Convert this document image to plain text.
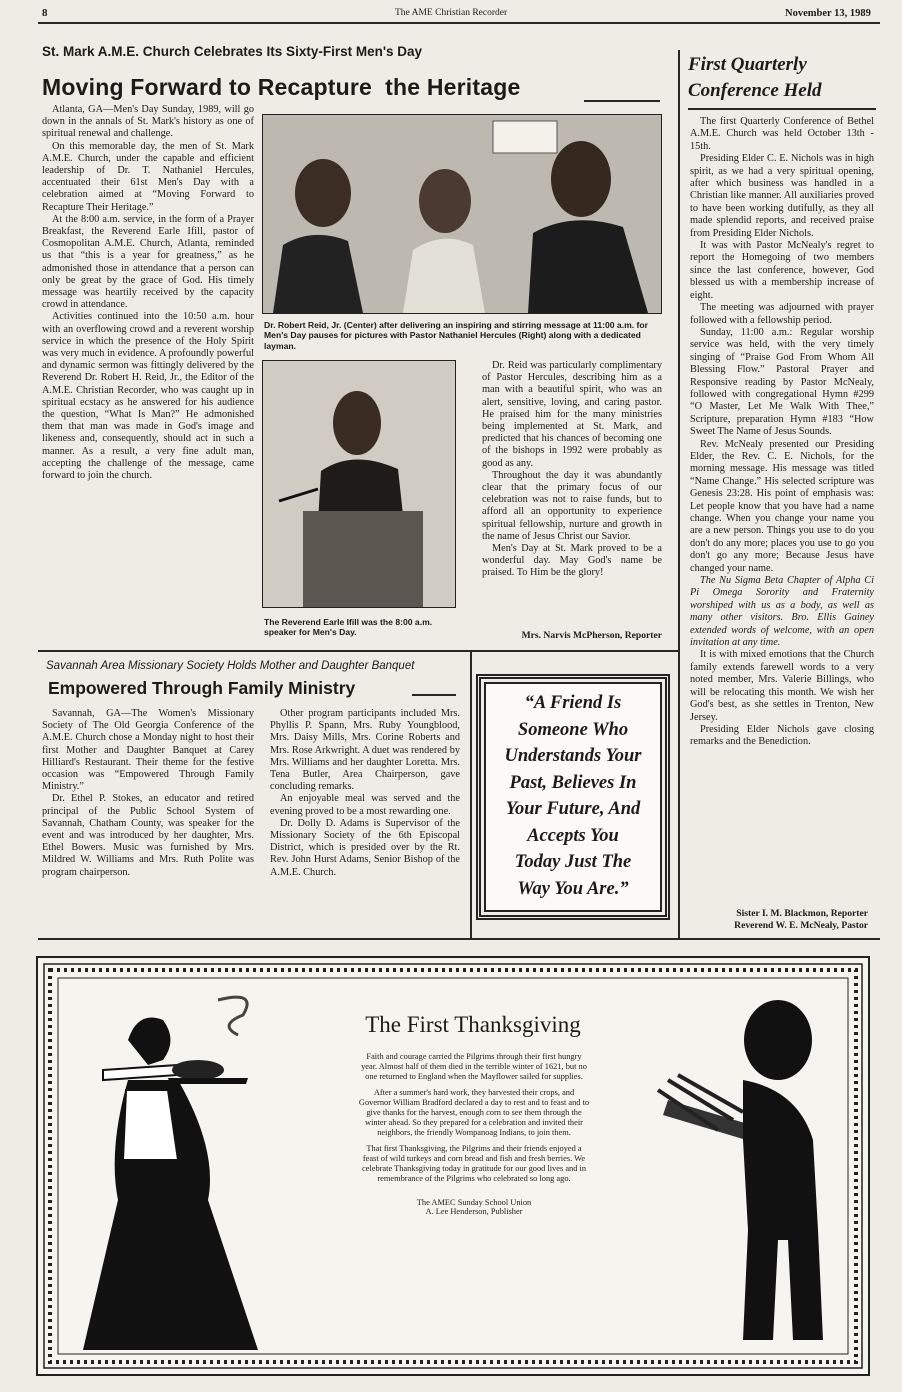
8	The AME Christian Recorder	November 13, 1989
St. Mark A.M.E. Church Celebrates Its Sixty-First Men's Day
Moving Forward to Recapture  the Heritage

Atlanta, GA—Men's Day Sunday, 1989, will go down in the annals of St. Mark's history as one of spiritual renewal and challenge.

On this memorable day, the men of St. Mark A.M.E. Church, under the capable and efficient leadership of Dr. T. Nathaniel Hercules, accentuated their 61st Men's Day with a celebration aimed at “Moving Forward to Recapture Their Heritage.”

At the 8:00 a.m. service, in the form of a Prayer Breakfast, the Reverend Earle Ifill, pastor of Cosmopolitan A.M.E. Church, Atlanta, reminded us that “this is a year for greatness,” as he admonished those in attendance that a person can only be great by the grace of God. His timely message was heartily received by the capacity crowd in attendance.

Activities continued into the 10:50 a.m. hour with an overflowing crowd and a reverent worship service in which the presence of the Holy Spirit was very much in evidence. A profoundly powerful and dynamic sermon was fittingly delivered by the Reverend Dr. Robert H. Reid, Jr., the Editor of the A.M.E. Christian Recorder, who was caught up in spiritual ecstacy as he answered for his audience the question, “What Is Man?” He admonished them that man was made in God's image and likeness and, consequently, should act in such a manner. As a result, a very fine adult man, accepting the challenge of the message, came forward to join the church.

Dr. Robert Reid, Jr. (Center) after delivering an inspiring and stirring message at 11:00 a.m. for Men's Day pauses for pictures with Pastor Nathaniel Hercules (Right) along with a dedicated layman.
The Reverend Earle Ifill was the 8:00 a.m. speaker for Men's Day.

Dr. Reid was particularly complimentary of Pastor Hercules, describing him as a man with a beautiful spirit, who was an alert, sensitive, loving, and caring pastor. He praised him for the many ministries being implemented at St. Mark, and predicted that his chances of becoming one of the bishops in 1992 were probably as good as any.

Throughout the day it was abundantly clear that the primary focus of our celebration was not to raise funds, but to afford all an opportunity to experience spiritual fellowship, nurture and growth in the name of Jesus Christ our Savior.

Men's Day at St. Mark proved to be a wonderful day. May God's name be praised. To Him be the glory!

Mrs. Narvis McPherson, Reporter
Savannah Area Missionary Society Holds Mother and Daughter Banquet
Empowered Through Family Ministry

Savannah, GA—The Women's Missionary Society of The Old Georgia Conference of the A.M.E. Church chose a Monday night to host their first Mother and Daughter Banquet at Carey Hilliard's Restaurant. Their theme for the festive occasion was “Empowered Through Family Ministry.”

Dr. Ethel P. Stokes, an educator and retired principal of the Public School System of Savannah, Chatham County, was speaker for the event and was introduced by her daughter, Mrs. Ethel Bowers. Music was furnished by Mrs. Mildred W. Williams and Mrs. Ruth Polite was program chairperson.

Other program participants included Mrs. Phyllis P. Spann, Mrs. Ruby Youngblood, Mrs. Daisy Mills, Mrs. Corine Roberts and Mrs. Rose Arkwright. A duet was rendered by Mrs. Williams and her daughter Loretta. Mrs. Tena Butler, Area Chairperson, gave concluding remarks.

An enjoyable meal was served and the evening proved to be a most rewarding one.

Dr. Dolly D. Adams is Supervisor of the Missionary Society of the 6th Episcopal District, which is presided over by the Rt. Rev. John Hurst Adams, Senior Bishop of the A.M.E. Church.

“A Friend Is
Someone Who
Understands Your
Past, Believes In
Your Future, And
Accepts You
Today Just The
Way You Are.”
First Quarterly
Conference Held

The first Quarterly Conference of Bethel A.M.E. Church was held October 13th - 15th.

Presiding Elder C. E. Nichols was in high spirit, as we had a very spiritual opening, after which business was handled in a Christian like manner. All auxiliaries proved to have been working dutifully, as they all made splendid reports, and received praise from Presiding Elder Nichols.

It was with Pastor McNealy's regret to report the Homegoing of two members since the last conference, however, God blessed us with a membership increase of eight.

The meeting was adjourned with prayer followed with a fellowship period.

Sunday, 11:00 a.m.: Regular worship service was held, with the very timely singing of “Praise God From Whom All Blessing Flow.” Pastoral Prayer and Responsive reading by Pastor McNealy, followed with congregational Hymn #299 “O Master, Let Me Walk With Thee,” Scripture, preparation Hymn #183 “How Sweet The Name of Jesus Sounds.

Rev. McNealy presented our Presiding Elder, the Rev. C. E. Nichols, for the morning message. His message was titled “Name Change.” His selected scripture was Genesis 23:28. His point of emphasis was: Let people know that you have had a name change. When you change your name you are a new person. Things you use to do you don't do any more; places you use to go you don't go any more; Because Jesus have changed your name.

The Nu Sigma Beta Chapter of Alpha Ci Pi Omega Sorority and Fraternity worshiped with us as a body, as well as many other visitors. Bro. Ellis Gainey extended words of welcome, with an open invitation at any time.

It is with mixed emotions that the Church family extends farewell words to a very noted member, Mrs. Valerie Billings, who will be relocating this month. We wish her God's best, as she settles in Trenton, New Jersey.

Presiding Elder Nichols gave closing remarks and the Benediction.

Sister I. M. Blackmon, Reporter
Reverend W. E. McNealy, Pastor
The First Thanksgiving

Faith and courage carried the Pilgrims through their first hungry year. Almost half of them died in the terrible winter of 1621, but no one returned to England when the Mayflower sailed for supplies.

After a summer's hard work, they harvested their crops, and Governor William Bradford declared a day to rest and to feast and to give thanks for the harvest, enough corn to see them through the winter ahead. So they prepared for a celebration and invited their neighbors, the friendly Wompanoag Indians, to join them.

That first Thanksgiving, the Pilgrims and their friends enjoyed a feast of wild turkeys and corn bread and fish and fresh berries. We celebrate Thanksgiving today in gratitude for our good lives and in remembrance of the Pilgrims who celebrated so long ago.

The AMEC Sunday School Union

A. Lee Henderson, Publisher
